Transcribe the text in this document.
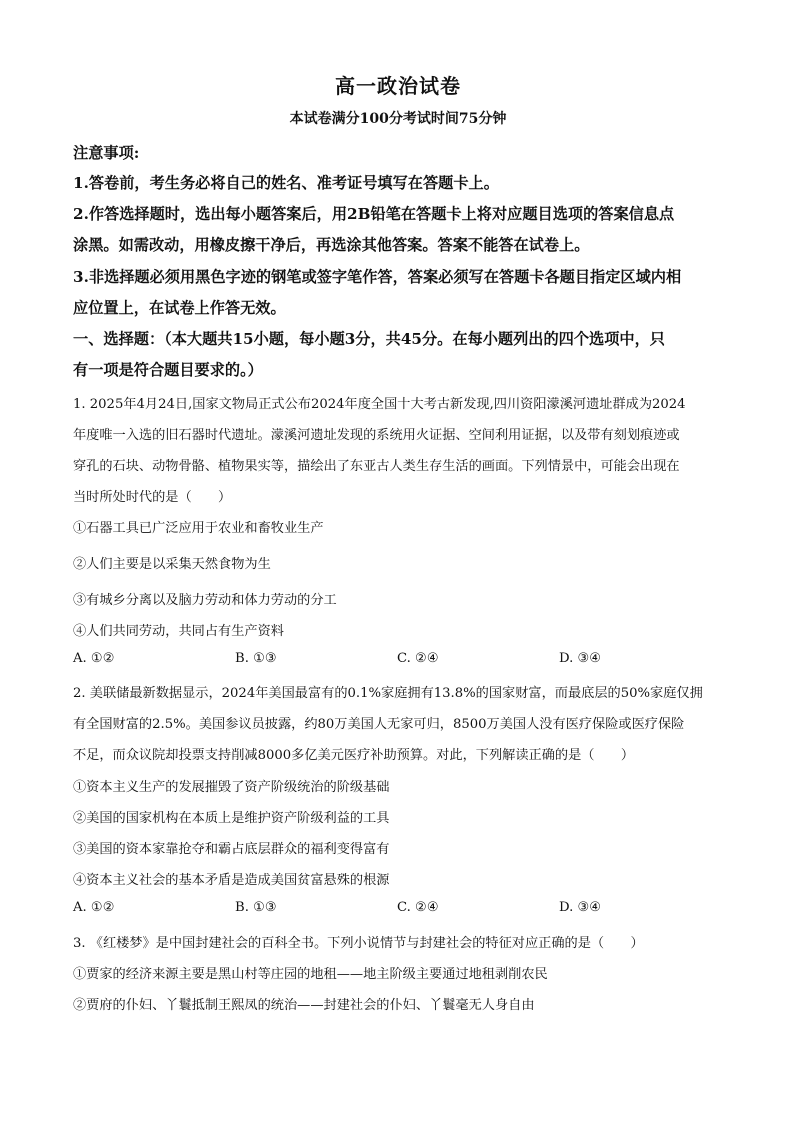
高一政治试卷
本试卷满分100分考试时间75分钟
注意事项:
1.答卷前，考生务必将自己的姓名、准考证号填写在答题卡上。
2.作答选择题时，选出每小题答案后，用2B铅笔在答题卡上将对应题目选项的答案信息点
涂黑。如需改动，用橡皮擦干净后，再选涂其他答案。答案不能答在试卷上。
3.非选择题必须用黑色字迹的钢笔或签字笔作答，答案必须写在答题卡各题目指定区域内相
应位置上，在试卷上作答无效。
一、选择题：（本大题共15小题，每小题3分，共45分。在每小题列出的四个选项中，只
有一项是符合题目要求的。）
1. 2025年4月24日,国家文物局正式公布2024年度全国十大考古新发现,四川资阳濛溪河遗址群成为2024
年度唯一入选的旧石器时代遗址。濛溪河遗址发现的系统用火证据、空间利用证据，以及带有刻划痕迹或
穿孔的石块、动物骨骼、植物果实等，描绘出了东亚古人类生存生活的画面。下列情景中，可能会出现在
当时所处时代的是（　　）
①石器工具已广泛应用于农业和畜牧业生产
②人们主要是以采集天然食物为生
③有城乡分离以及脑力劳动和体力劳动的分工
④人们共同劳动，共同占有生产资料
A. ①②	B. ①③	C. ②④	D. ③④
2. 美联储最新数据显示，2024年美国最富有的0.1%家庭拥有13.8%的国家财富，而最底层的50%家庭仅拥
有全国财富的2.5%。美国参议员披露，约80万美国人无家可归，8500万美国人没有医疗保险或医疗保险
不足，而众议院却投票支持削减8000多亿美元医疗补助预算。对此，下列解读正确的是（　　）
①资本主义生产的发展摧毁了资产阶级统治的阶级基础
②美国的国家机构在本质上是维护资产阶级利益的工具
③美国的资本家靠抢夺和霸占底层群众的福利变得富有
④资本主义社会的基本矛盾是造成美国贫富悬殊的根源
A. ①②	B. ①③	C. ②④	D. ③④
3. 《红楼梦》是中国封建社会的百科全书。下列小说情节与封建社会的特征对应正确的是（　　）
①贾家的经济来源主要是黑山村等庄园的地租——地主阶级主要通过地租剥削农民
②贾府的仆妇、丫鬟抵制王熙凤的统治——封建社会的仆妇、丫鬟毫无人身自由
